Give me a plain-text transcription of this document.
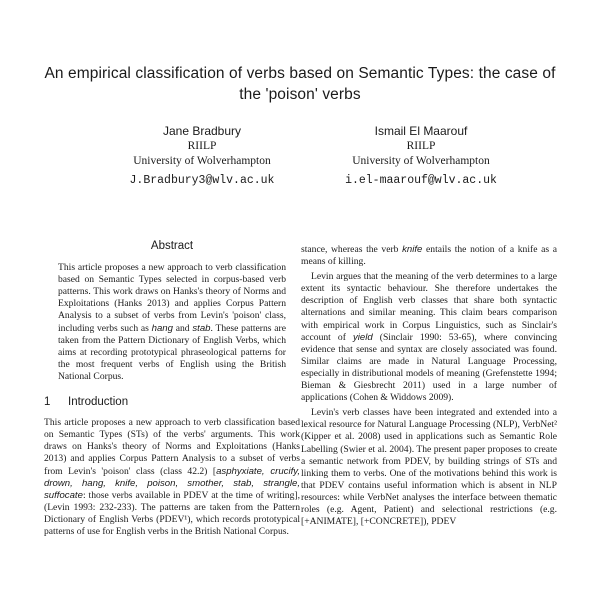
An empirical classification of verbs based on Semantic Types: the case of the 'poison' verbs
Jane Bradbury
RIILP
University of Wolverhampton
J.Bradbury3@wlv.ac.uk
Ismail El Maarouf
RIILP
University of Wolverhampton
i.el-maarouf@wlv.ac.uk
Abstract

This article proposes a new approach to verb classification based on Semantic Types selected in corpus-based verb patterns. This work draws on Hanks's theory of Norms and Exploitations (Hanks 2013) and applies Corpus Pattern Analysis to a subset of verbs from Levin's 'poison' class, including verbs such as hang and stab. These patterns are taken from the Pattern Dictionary of English Verbs, which aims at recording prototypical phraseological patterns for the most frequent verbs of English using the British National Corpus.

1 Introduction

This article proposes a new approach to verb classification based on Semantic Types (STs) of the verbs' arguments. This work draws on Hanks's theory of Norms and Exploitations (Hanks 2013) and applies Corpus Pattern Analysis to a subset of verbs from Levin's 'poison' class (class 42.2) [asphyxiate, crucify, drown, hang, knife, poison, smother, stab, strangle, suffocate: those verbs available in PDEV at the time of writing], (Levin 1993: 232-233). The patterns are taken from the Pattern Dictionary of English Verbs (PDEV¹), which records prototypical patterns of use for English verbs in the British National Corpus.

stance, whereas the verb knife entails the notion of a knife as a means of killing.

Levin argues that the meaning of the verb determines to a large extent its syntactic behaviour. She therefore undertakes the description of English verb classes that share both syntactic alternations and similar meaning. This claim bears comparison with empirical work in Corpus Linguistics, such as Sinclair's account of yield (Sinclair 1990: 53-65), where convincing evidence that sense and syntax are closely associated was found. Similar claims are made in Natural Language Processing, especially in distributional models of meaning (Grefenstette 1994; Bieman & Giesbrecht 2011) used in a large number of applications (Cohen & Widdows 2009).

Levin's verb classes have been integrated and extended into a lexical resource for Natural Language Processing (NLP), VerbNet² (Kipper et al. 2008) used in applications such as Semantic Role Labelling (Swier et al. 2004). The present paper proposes to create a semantic network from PDEV, by building strings of STs and linking them to verbs. One of the motivations behind this work is that PDEV contains useful information which is absent in NLP resources: while VerbNet analyses the interface between thematic roles (e.g. Agent, Patient) and selectional restrictions (e.g. [+ANIMATE], [+CONCRETE]), PDEV
